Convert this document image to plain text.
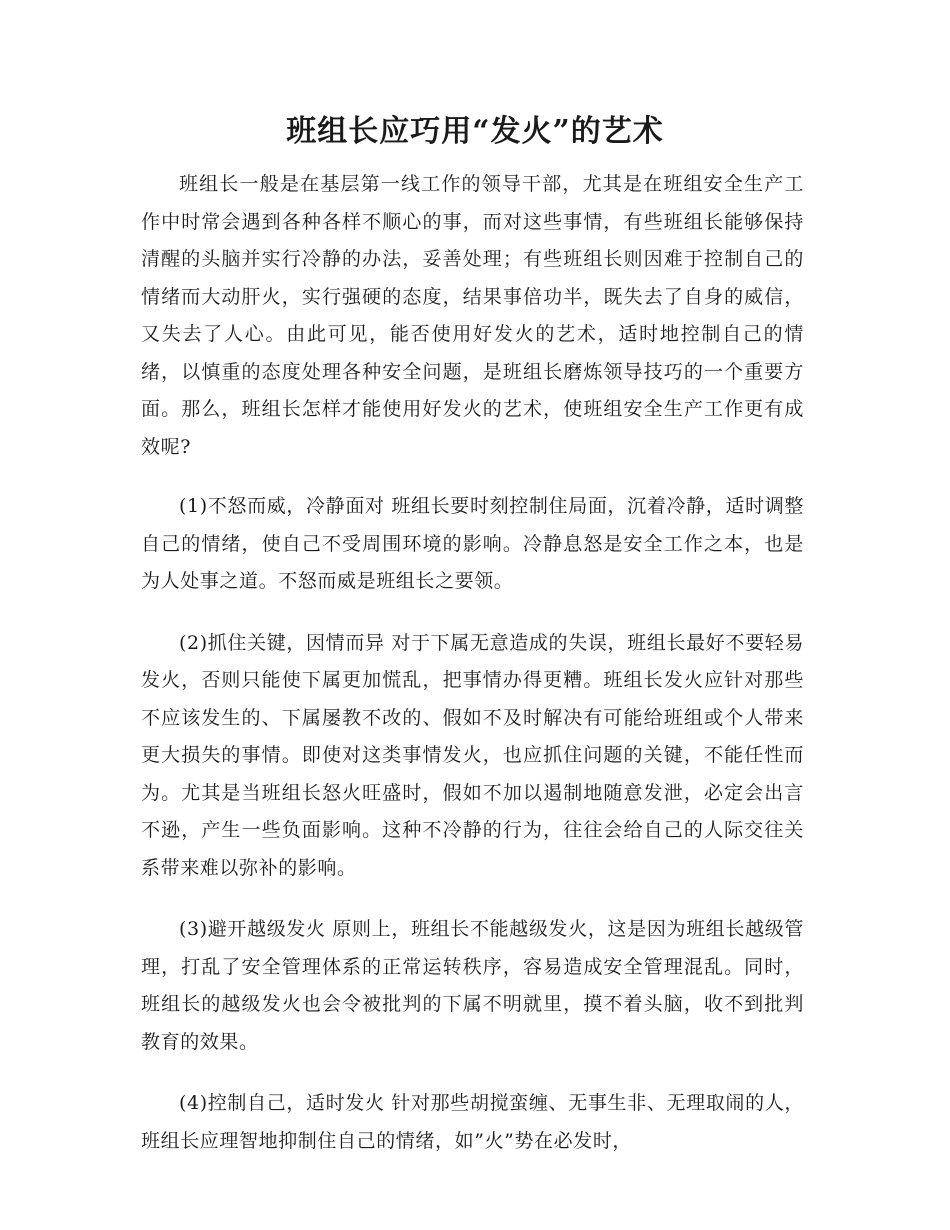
班组长应巧用“发火”的艺术

班组长一般是在基层第一线工作的领导干部，尤其是在班组安全生产工作中时常会遇到各种各样不顺心的事，而对这些事情，有些班组长能够保持清醒的头脑并实行冷静的办法，妥善处理；有些班组长则因难于控制自己的情绪而大动肝火，实行强硬的态度，结果事倍功半，既失去了自身的威信，又失去了人心。由此可见，能否使用好发火的艺术，适时地控制自己的情绪，以慎重的态度处理各种安全问题，是班组长磨炼领导技巧的一个重要方面。那么，班组长怎样才能使用好发火的艺术，使班组安全生产工作更有成效呢?

(1)不怒而威，冷静面对 班组长要时刻控制住局面，沉着冷静，适时调整自己的情绪，使自己不受周围环境的影响。冷静息怒是安全工作之本，也是为人处事之道。不怒而威是班组长之要领。

(2)抓住关键，因情而异 对于下属无意造成的失误，班组长最好不要轻易发火，否则只能使下属更加慌乱，把事情办得更糟。班组长发火应针对那些不应该发生的、下属屡教不改的、假如不及时解决有可能给班组或个人带来更大损失的事情。即使对这类事情发火，也应抓住问题的关键，不能任性而为。尤其是当班组长怒火旺盛时，假如不加以遏制地随意发泄，必定会出言不逊，产生一些负面影响。这种不冷静的行为，往往会给自己的人际交往关系带来难以弥补的影响。

(3)避开越级发火 原则上，班组长不能越级发火，这是因为班组长越级管理，打乱了安全管理体系的正常运转秩序，容易造成安全管理混乱。同时，班组长的越级发火也会令被批判的下属不明就里，摸不着头脑，收不到批判教育的效果。

(4)控制自己，适时发火 针对那些胡搅蛮缠、无事生非、无理取闹的人，班组长应理智地抑制住自己的情绪，如”火”势在必发时，
